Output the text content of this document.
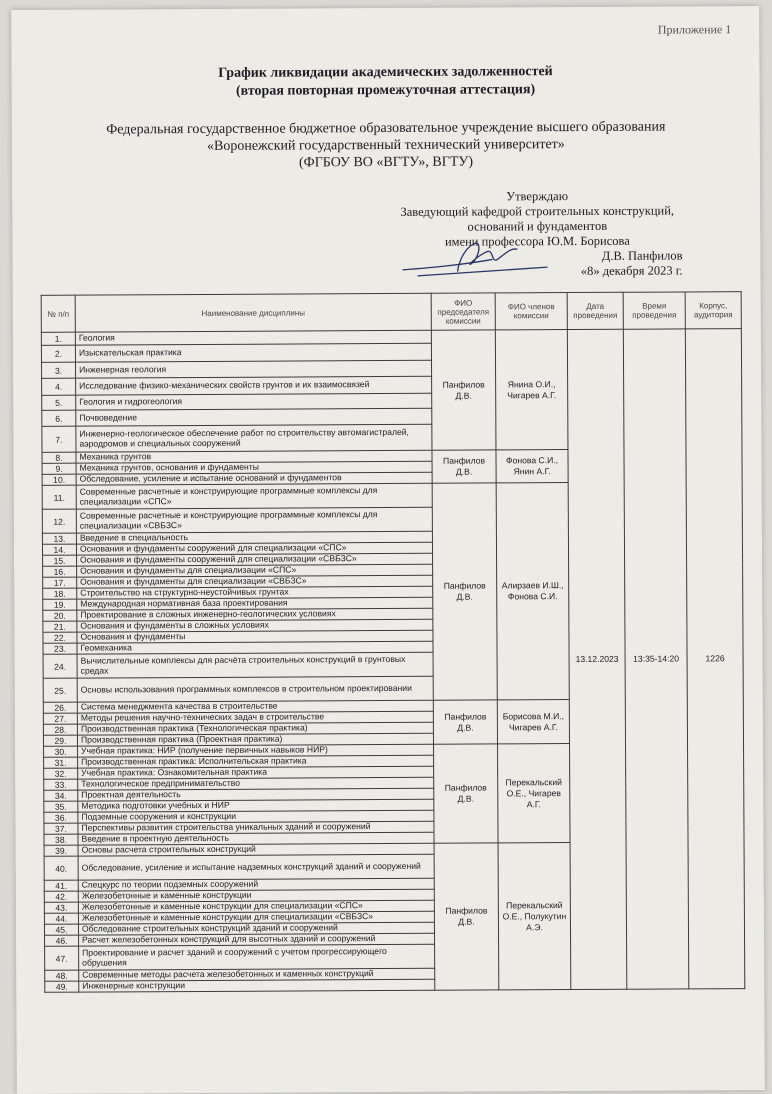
Приложение 1
График ликвидации академических задолженностей
(вторая повторная промежуточная аттестация)
Федеральная государственное бюджетное образовательное учреждение высшего образования
«Воронежский государственный технический университет»
(ФГБОУ ВО «ВГТУ», ВГТУ)
Утверждаю
Заведующий кафедрой строительных конструкций,
оснований и фундаментов
имени профессора Ю.М. Борисова
Д.В. Панфилов
«8» декабря 2023 г.
№ п/п	Наименование дисциплины	ФИО председателя комиссии	ФИО членов комиссии	Дата проведения	Время проведения	Корпус, аудитория
1.	Геология	Панфилов Д.В.	Янина О.И., Чигарев А.Г.	13.12.2023	13:35-14:20	1226
2.	Изыскательская практика					
3.	Инженерная геология					
4.	Исследование физико-механических свойств грунтов и их взаимосвязей					
5.	Геология и гидрогеология					
6.	Почвоведение					
7.	Инженерно-геологическое обеспечение работ по строительству автомагистралей, аэродромов и специальных сооружений					
8.	Механика грунтов	Панфилов Д.В.	Фонова С.И., Янин А.Г.			
9.	Механика грунтов, основания и фундаменты					
10.	Обследование, усиление и испытание оснований и фундаментов					
11.	Современные расчетные и конструирующие программные комплексы для специализации «СПС»	Панфилов Д.В.	Алирзаев И.Ш., Фонова С.И.			
12.	Современные расчетные и конструирующие программные комплексы для специализации «СВБЗС»					
13.	Введение в специальность					
14.	Основания и фундаменты сооружений для специализации «СПС»					
15.	Основания и фундаменты сооружений для специализации «СВБЗС»					
16.	Основания и фундаменты для специализации «СПС»					
17.	Основания и фундаменты для специализации «СВБЗС»					
18.	Строительство на структурно-неустойчивых грунтах					
19.	Международная нормативная база проектирования					
20.	Проектирование в сложных инженерно-геологических условиях					
21.	Основания и фундаменты в сложных условиях					
22.	Основания и фундаменты					
23.	Геомеханика					
24.	Вычислительные комплексы для расчёта строительных конструкций в грунтовых средах					
25.	Основы использования программных комплексов в строительном проектировании					
26.	Система менеджмента качества в строительстве	Панфилов Д.В.	Борисова М.И., Чигарев А.Г.			
27.	Методы решения научно-технических задач в строительстве					
28.	Производственная практика (Технологическая практика)					
29.	Производственная практика (Проектная практика)					
30.	Учебная практика: НИР (получение первичных навыков НИР)	Панфилов Д.В.	Перекальский О.Е., Чигарев А.Г.			
31.	Производственная практика: Исполнительская практика					
32.	Учебная практика: Ознакомительная практика					
33.	Технологическое предпринимательство					
34.	Проектная деятельность					
35.	Методика подготовки учебных и НИР					
36.	Подземные сооружения и конструкции					
37.	Перспективы развития строительства уникальных зданий и сооружений					
38.	Введение в проектную деятельность					
39.	Основы расчета строительных конструкций	Панфилов Д.В.	Перекальский О.Е., Полукутин А.Э.			
40.	Обследование, усиление и испытание надземных конструкций зданий и сооружений					
41.	Спецкурс по теории подземных сооружений					
42.	Железобетонные и каменные конструкции					
43.	Железобетонные и каменные конструкции для специализации «СПС»					
44.	Железобетонные и каменные конструкции для специализации «СВБЗС»					
45.	Обследование строительных конструкций зданий и сооружений					
46.	Расчет железобетонных конструкций для высотных зданий и сооружений					
47.	Проектирование и расчет зданий и сооружений с учетом прогрессирующего обрушения					
48.	Современные методы расчета железобетонных и каменных конструкций					
49.	Инженерные конструкции					
